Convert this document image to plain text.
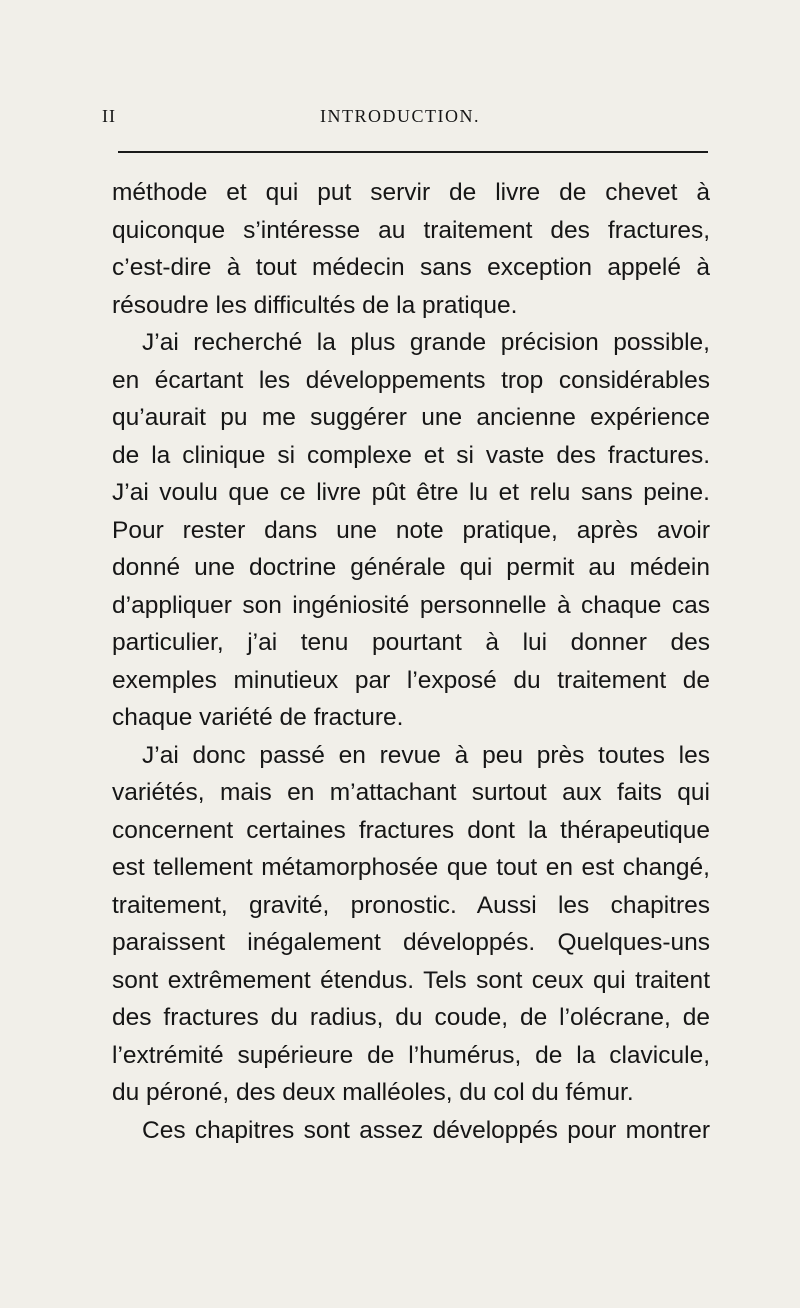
II	INTRODUCTION.
méthode et qui put servir de livre de chevet à
quiconque s’intéresse au traitement des fractures,
c’est-dire à tout médecin sans exception appelé à
résoudre les difficultés de la pratique.
J’ai recherché la plus grande précision possible,
en écartant les développements trop considérables
qu’aurait pu me suggérer une ancienne expérience
de la clinique si complexe et si vaste des fractures.
J’ai voulu que ce livre pût être lu et relu sans peine.
Pour rester dans une note pratique, après avoir
donné une doctrine générale qui permit au médein
d’appliquer son ingéniosité personnelle à chaque cas
particulier, j’ai tenu pourtant à lui donner des
exemples minutieux par l’exposé du traitement de
chaque variété de fracture.
J’ai donc passé en revue à peu près toutes les
variétés, mais en m’attachant surtout aux faits qui
concernent certaines fractures dont la thérapeutique
est tellement métamorphosée que tout en est changé,
traitement, gravité, pronostic. Aussi les chapitres
paraissent inégalement développés. Quelques-uns
sont extrêmement étendus. Tels sont ceux qui traitent
des fractures du radius, du coude, de l’olécrane, de
l’extrémité supérieure de l’humérus, de la clavicule,
du péroné, des deux malléoles, du col du fémur.
Ces chapitres sont assez développés pour montrer
